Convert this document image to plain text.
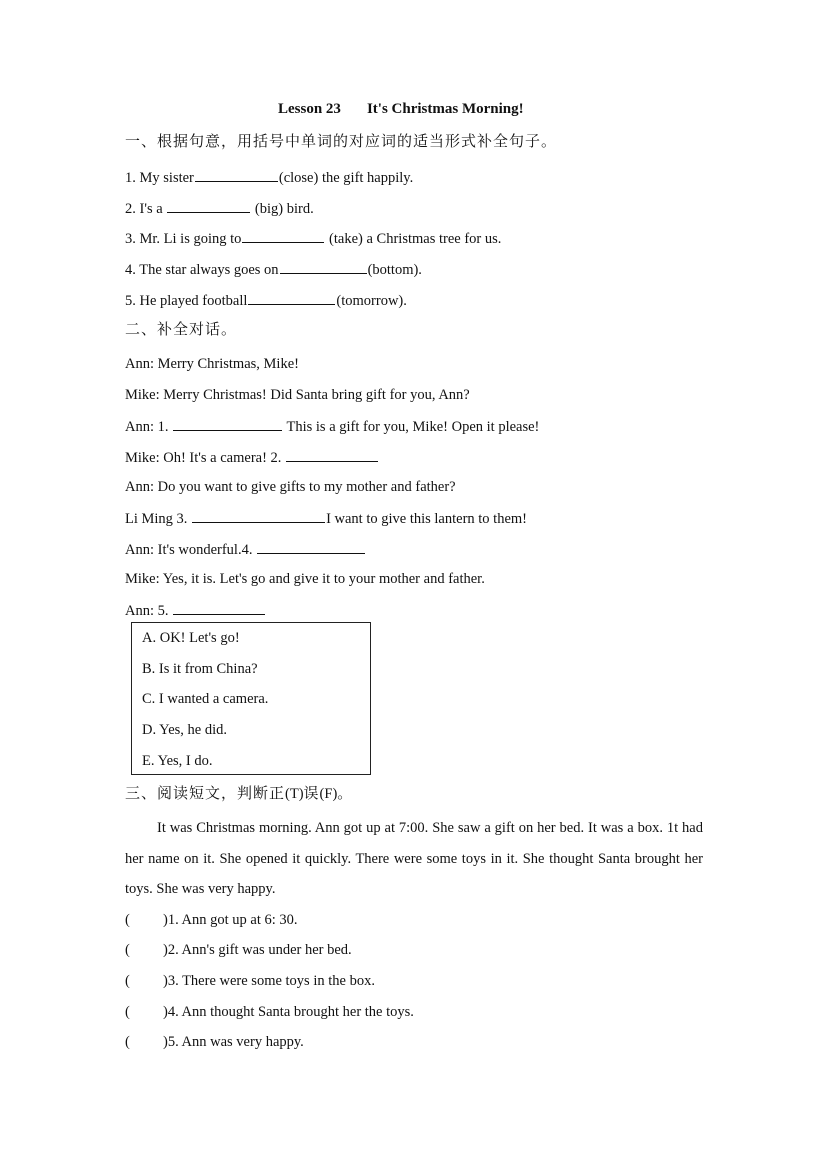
Lesson 23 It's Christmas Morning!
一、根据句意，用括号中单词的对应词的适当形式补全句子。
1. My sister	(close) the gift happily.
2. I's a	(big) bird.
3. Mr. Li is going to	(take) a Christmas tree for us.
4. The star always goes on	(bottom).
5. He played football	(tomorrow).
二、补全对话。
Ann: Merry Christmas, Mike!
Mike: Merry Christmas! Did Santa bring gift for you, Ann?
Ann: 1.	This is a gift for you, Mike! Open it please!
Mike: Oh! It's a camera! 2.
Ann: Do you want to give gifts to my mother and father?
Li Ming 3.	I want to give this lantern to them!
Ann: It's wonderful.4.
Mike: Yes, it is. Let's go and give it to your mother and father.
Ann: 5.
A. OK! Let's go!
B. Is it from China?
C. I wanted a camera.
D. Yes, he did.
E. Yes, I do.
三、阅读短文，判断正(T)误(F)。
It was Christmas morning. Ann got up at 7:00. She saw a gift on her bed. It was a box. 1t had her name on it. She opened it quickly. There were some toys in it. She thought Santa brought her toys. She was very happy.
( )1. Ann got up at 6: 30.
( )2. Ann's gift was under her bed.
( )3. There were some toys in the box.
( )4. Ann thought Santa brought her the toys.
( )5. Ann was very happy.
